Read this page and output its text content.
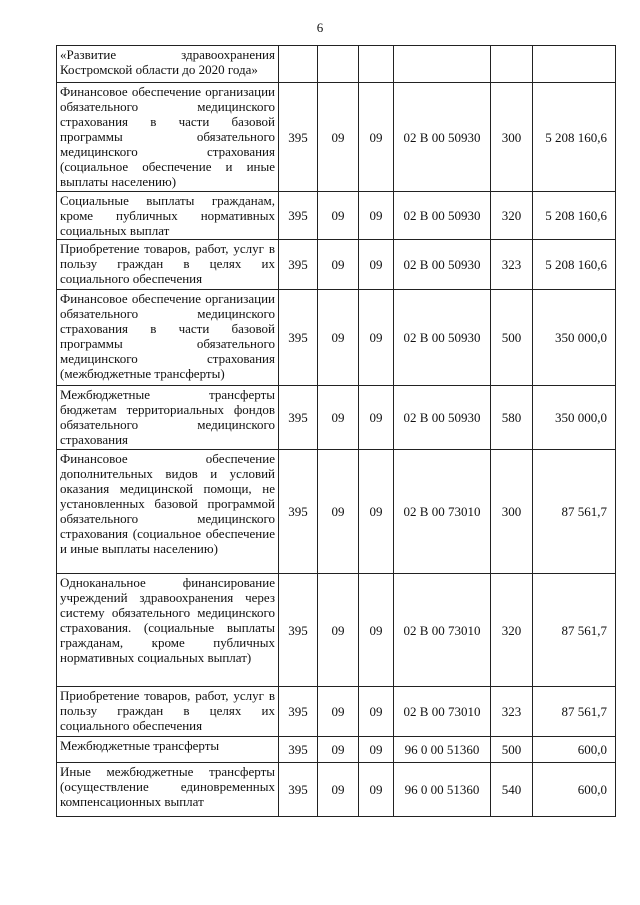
6
«Развитие здравоохранения Костромской области до 2020 года»						
Финансовое обеспечение организации обязательного медицинского страхования в части базовой программы обязательного медицинского страхования (социальное обеспечение и иные выплаты населению)	395	09	09	02 В 00 50930	300	5 208 160,6
Социальные выплаты гражданам, кроме публичных нормативных социальных выплат	395	09	09	02 В 00 50930	320	5 208 160,6
Приобретение товаров, работ, услуг в пользу граждан в целях их социального обеспечения	395	09	09	02 В 00 50930	323	5 208 160,6
Финансовое обеспечение организации обязательного медицинского страхования в части базовой программы обязательного медицинского страхования (межбюджетные трансферты)	395	09	09	02 В 00 50930	500	350 000,0
Межбюджетные трансферты бюджетам территориальных фондов обязательного медицинского страхования	395	09	09	02 В 00 50930	580	350 000,0
Финансовое обеспечение дополнительных видов и условий оказания медицинской помощи, не установленных базовой программой обязательного медицинского страхования (социальное обеспечение и иные выплаты населению)	395	09	09	02 В 00 73010	300	87 561,7
Одноканальное финансирование учреждений здравоохранения через систему обязательного медицинского страхования. (социальные выплаты гражданам, кроме публичных нормативных социальных выплат)	395	09	09	02 В 00 73010	320	87 561,7
Приобретение товаров, работ, услуг в пользу граждан в целях их социального обеспечения	395	09	09	02 В 00 73010	323	87 561,7
Межбюджетные трансферты	395	09	09	96 0 00 51360	500	600,0
Иные межбюджетные трансферты (осуществление единовременных компенсационных выплат	395	09	09	96 0 00 51360	540	600,0
